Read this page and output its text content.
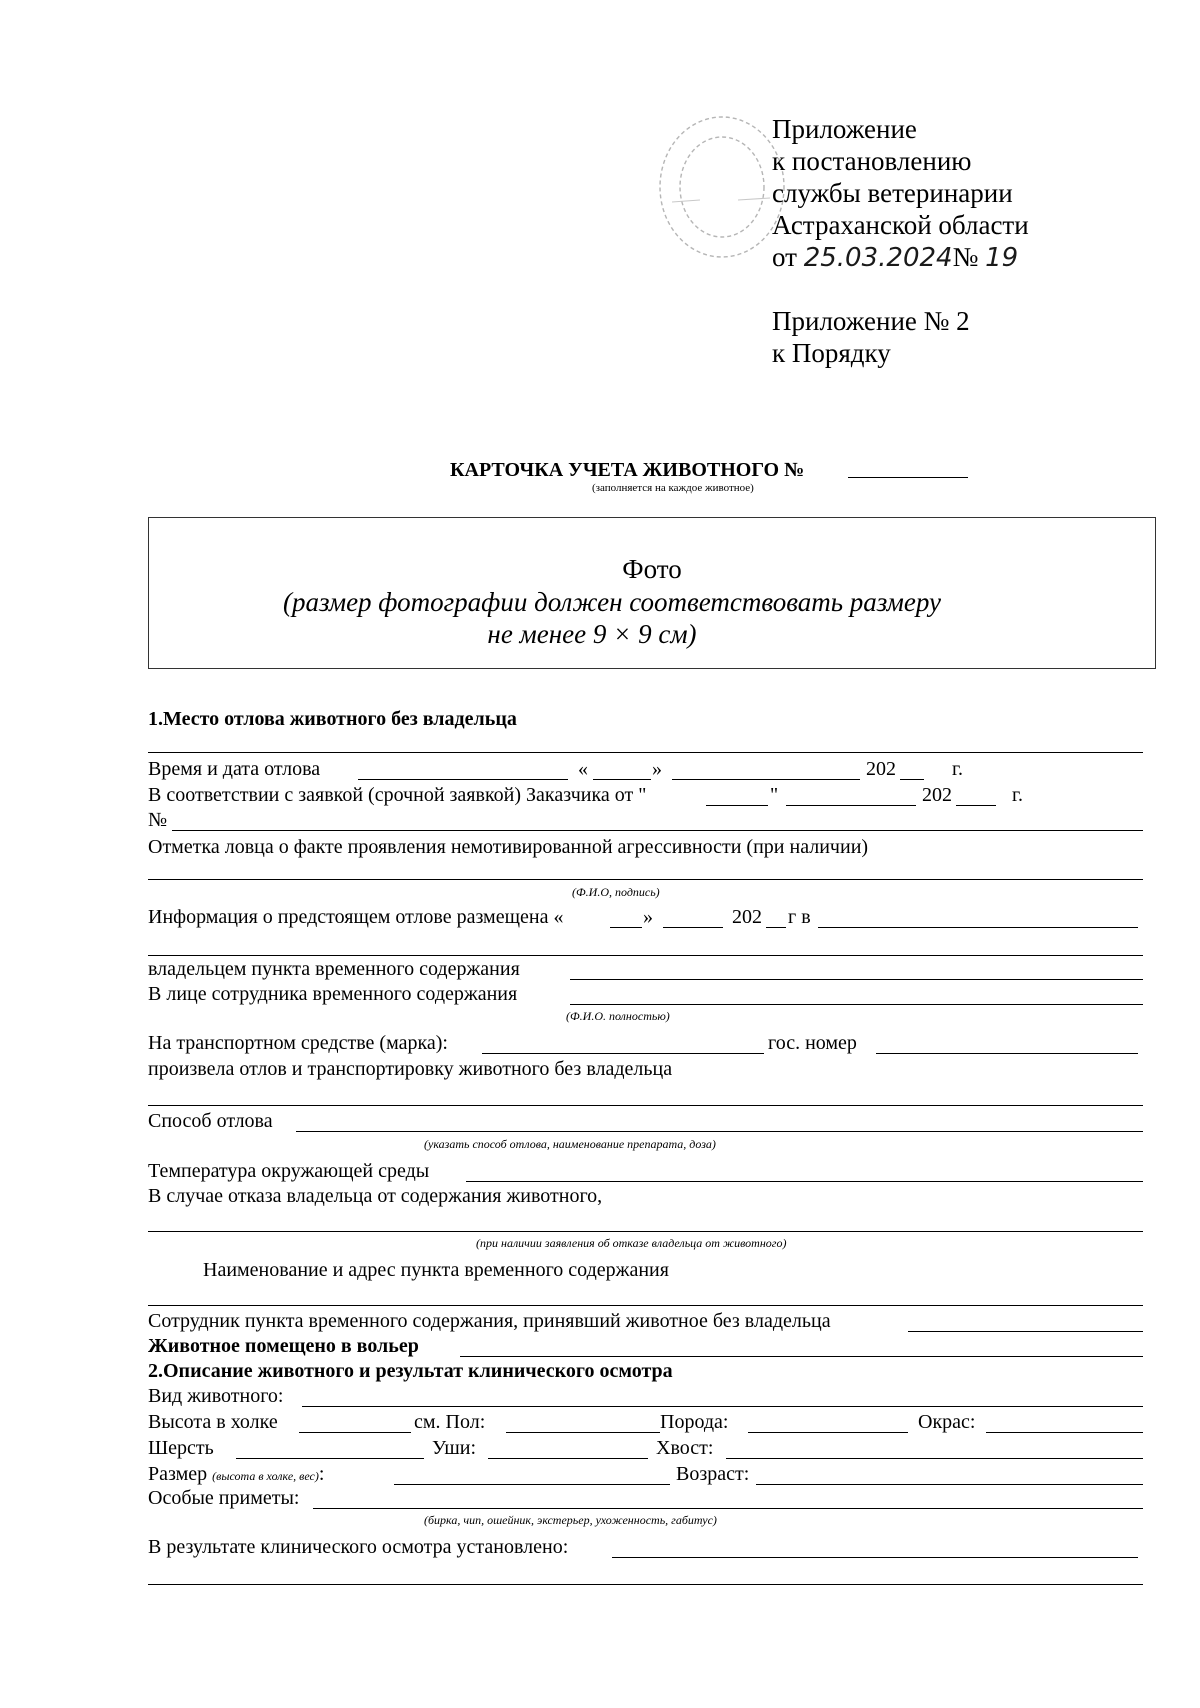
Приложение
к постановлению
службы ветеринарии
Астраханской области
от 25.03.2024№ 19
Приложение № 2
к Порядку
КАРТОЧКА УЧЕТА ЖИВОТНОГО №
(заполняется на каждое животное)
Фото
(размер фотографии должен соответствовать размеру
не менее 9 × 9 см)
1.Место отлова животного без владельца
Время и дата отлова	«	»	202	г.
В соответствии с заявкой (срочной заявкой) Заказчика от "	"	202	г.
№
Отметка ловца о факте проявления немотивированной агрессивности (при наличии)
(Ф.И.О, подпись)
Информация о предстоящем отлове размещена «	»	202 г в
владельцем пункта временного содержания
В лице сотрудника временного содержания
(Ф.И.О. полностью)
На транспортном средстве (марка):	гос. номер
произвела отлов и транспортировку животного без владельца
Способ отлова
(указать способ отлова, наименование препарата, доза)
Температура окружающей среды
В случае отказа владельца от содержания животного,
(при наличии заявления об отказе владельца от животного)
Наименование и адрес пункта временного содержания
Сотрудник пункта временного содержания, принявший животное без владельца
Животное помещено в вольер
2.Описание животного и результат клинического осмотра
Вид животного:
Высота в холке	см. Пол:	Порода:	Окрас:
Шерсть	Уши:	Хвост:
Размер (высота в холке, вес):	Возраст:
Особые приметы:
(бирка, чип, ошейник, экстерьер, ухоженность, габитус)
В результате клинического осмотра установлено:
